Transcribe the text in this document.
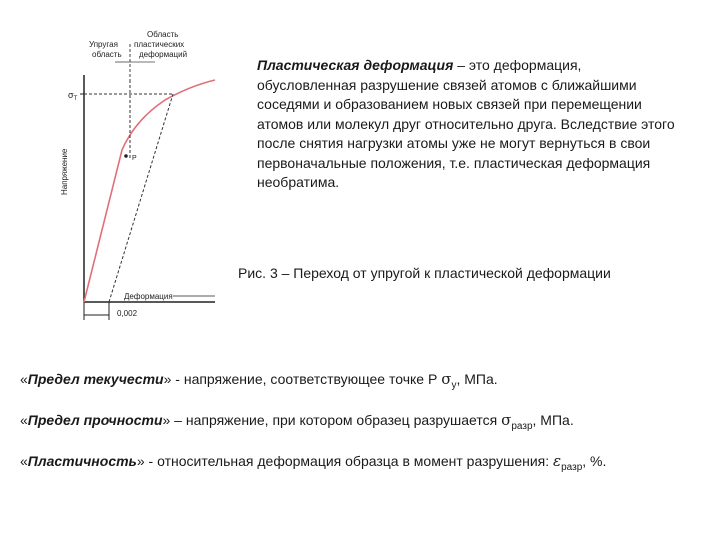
Область
пластических
деформаций
Упругая
область
Напряжение
$\sigma_T$
P
Деформация
0,002
Пластическая деформация – это деформация, обусловленная разрушение связей атомов с ближайшими соседями и образованием новых связей при перемещении атомов или молекул друг относительно друга. Вследствие этого после снятия нагрузки атомы уже не могут вернуться в свои первоначальные положения, т.е. пластическая деформация необратима.
Рис. 3 – Переход от упругой к пластической деформации
«Предел текучести» - напряжение, соответствующее точке Р $\sigma_у$, МПа.
«Предел прочности» – напряжение, при котором образец разрушается $\sigma_{разр}$, МПа.
«Пластичность» - относительная деформация образца в момент разрушения: $\varepsilon_{разр}$, %.
